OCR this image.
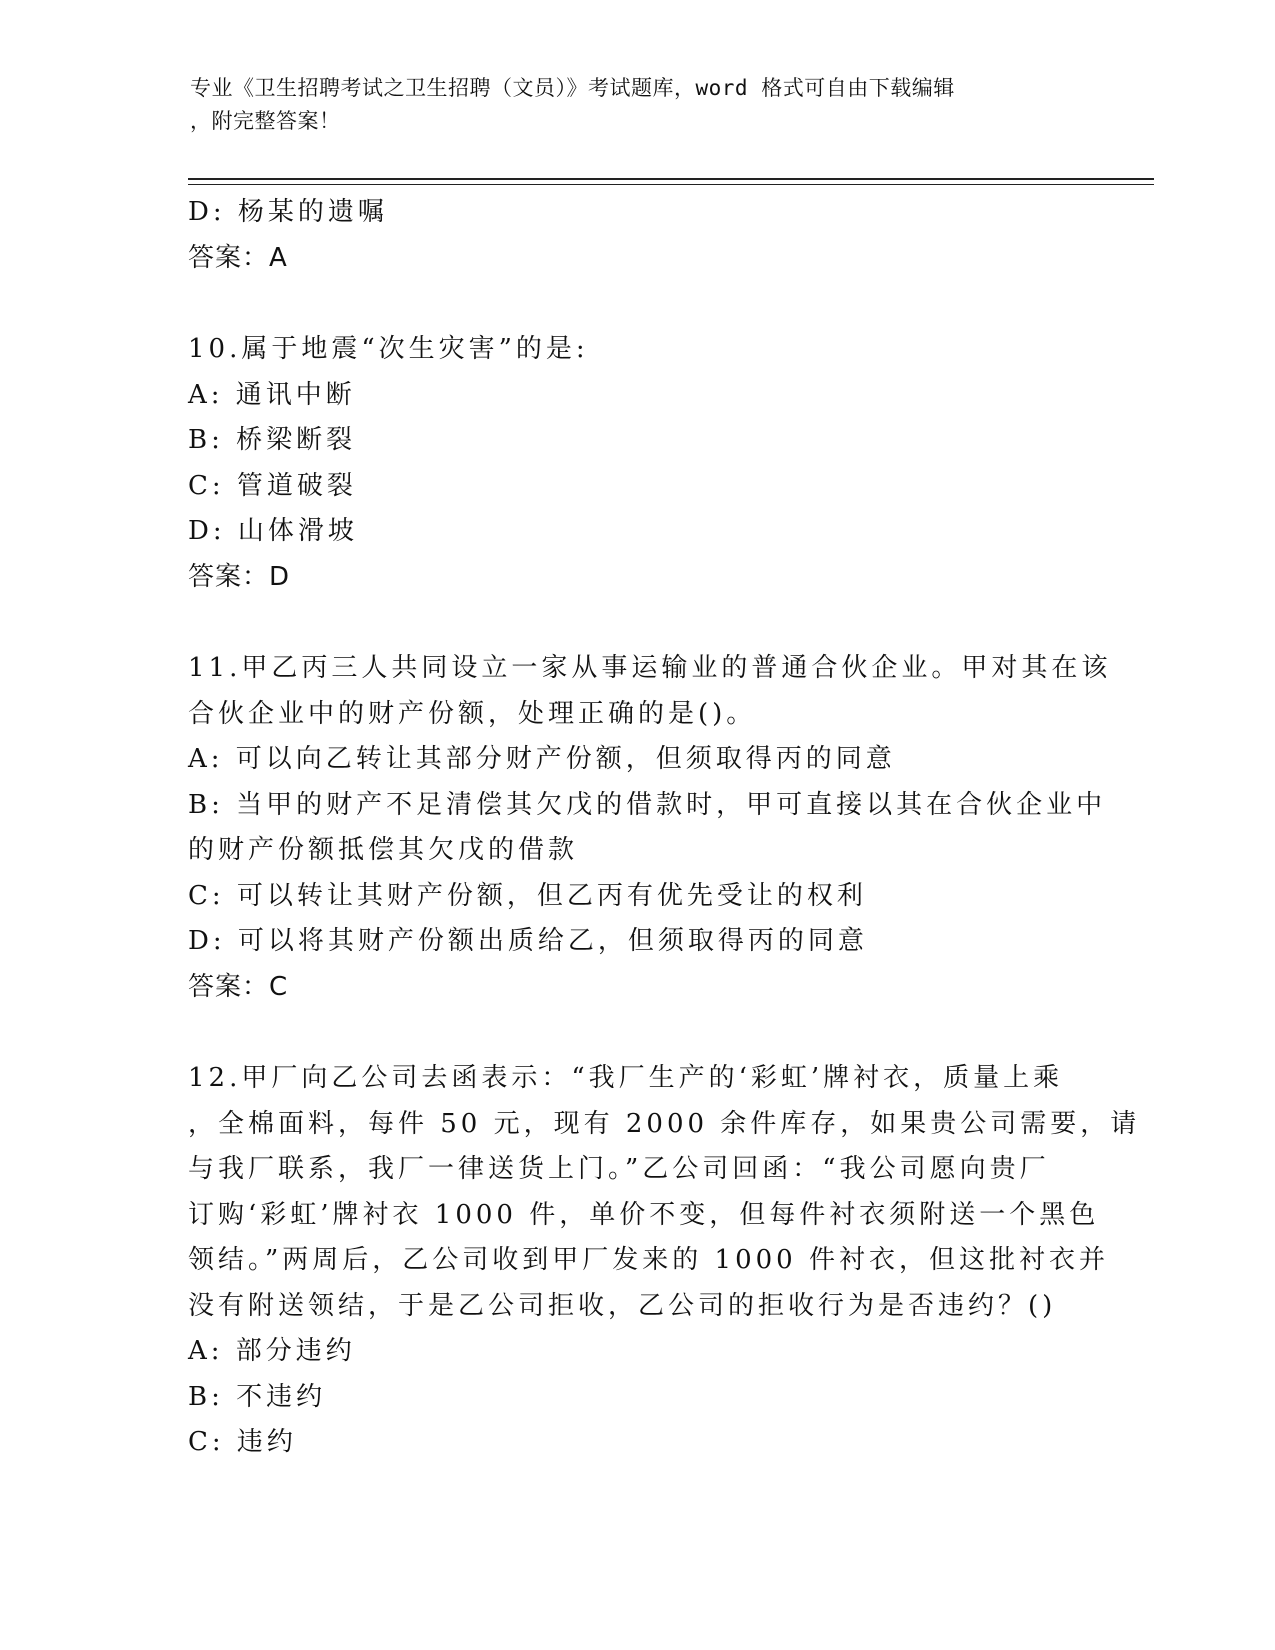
专业《卫生招聘考试之卫生招聘（文员）》考试题库，word 格式可自由下载编辑
，附完整答案！
D: 杨某的遗嘱
答案：A
10.属于地震“次生灾害”的是:
A: 通讯中断
B: 桥梁断裂
C: 管道破裂
D: 山体滑坡
答案：D
11.甲乙丙三人共同设立一家从事运输业的普通合伙企业。甲对其在该
合伙企业中的财产份额，处理正确的是()。
A: 可以向乙转让其部分财产份额，但须取得丙的同意
B: 当甲的财产不足清偿其欠戊的借款时，甲可直接以其在合伙企业中
的财产份额抵偿其欠戊的借款
C: 可以转让其财产份额，但乙丙有优先受让的权利
D: 可以将其财产份额出质给乙，但须取得丙的同意
答案：C
12.甲厂向乙公司去函表示：“我厂生产的‘彩虹’牌衬衣，质量上乘
，全棉面料，每件 50 元，现有 2000 余件库存，如果贵公司需要，请
与我厂联系，我厂一律送货上门。”乙公司回函：“我公司愿向贵厂
订购‘彩虹’牌衬衣 1000 件，单价不变，但每件衬衣须附送一个黑色
领结。”两周后，乙公司收到甲厂发来的 1000 件衬衣，但这批衬衣并
没有附送领结，于是乙公司拒收，乙公司的拒收行为是否违约？()
A: 部分违约
B: 不违约
C: 违约
